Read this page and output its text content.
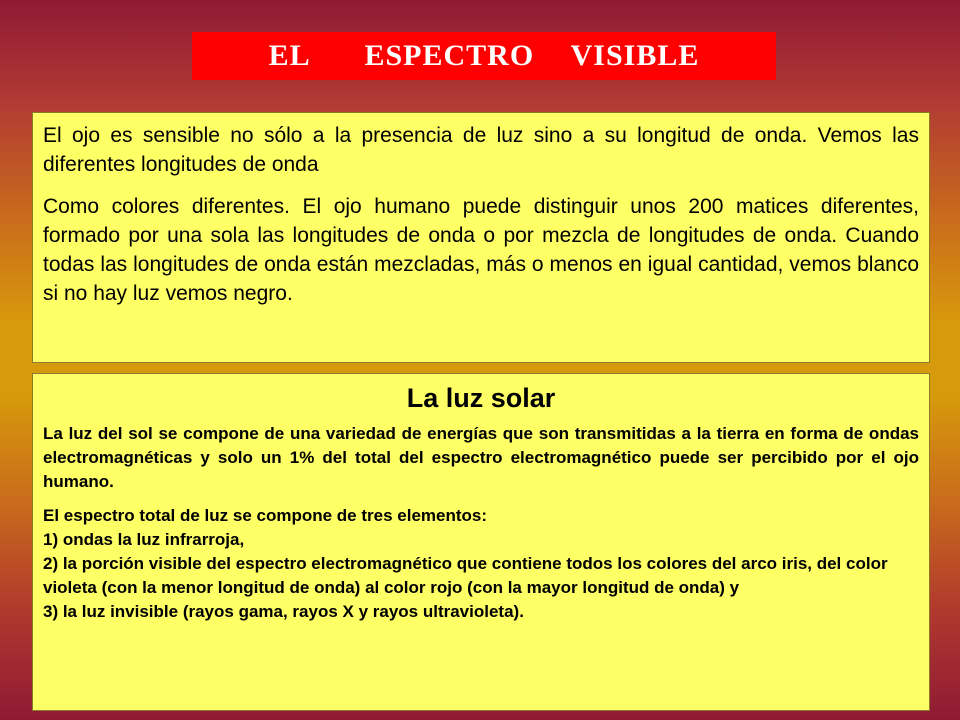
EL   ESPECTRO  VISIBLE

El ojo es sensible no sólo a la presencia de luz sino a su longitud de onda. Vemos las diferentes longitudes de onda

Como colores diferentes. El ojo humano puede distinguir unos 200 matices diferentes, formado por una sola las longitudes de onda o por mezcla de longitudes de onda. Cuando todas las longitudes de onda están mezcladas, más o menos en igual cantidad, vemos blanco si no hay luz vemos negro.

La luz solar

La luz del sol se compone de una variedad de energías que son transmitidas a la tierra en forma de ondas electromagnéticas y solo un 1% del total del espectro electromagnético puede ser percibido por el ojo humano.

El espectro total de luz se compone de tres elementos:

1) ondas la luz infrarroja,

2) la porción visible del espectro electromagnético que contiene todos los colores del arco iris, del color violeta (con la menor longitud de onda) al color rojo (con la mayor longitud de onda) y

3) la luz invisible (rayos gama, rayos X y rayos ultravioleta).
